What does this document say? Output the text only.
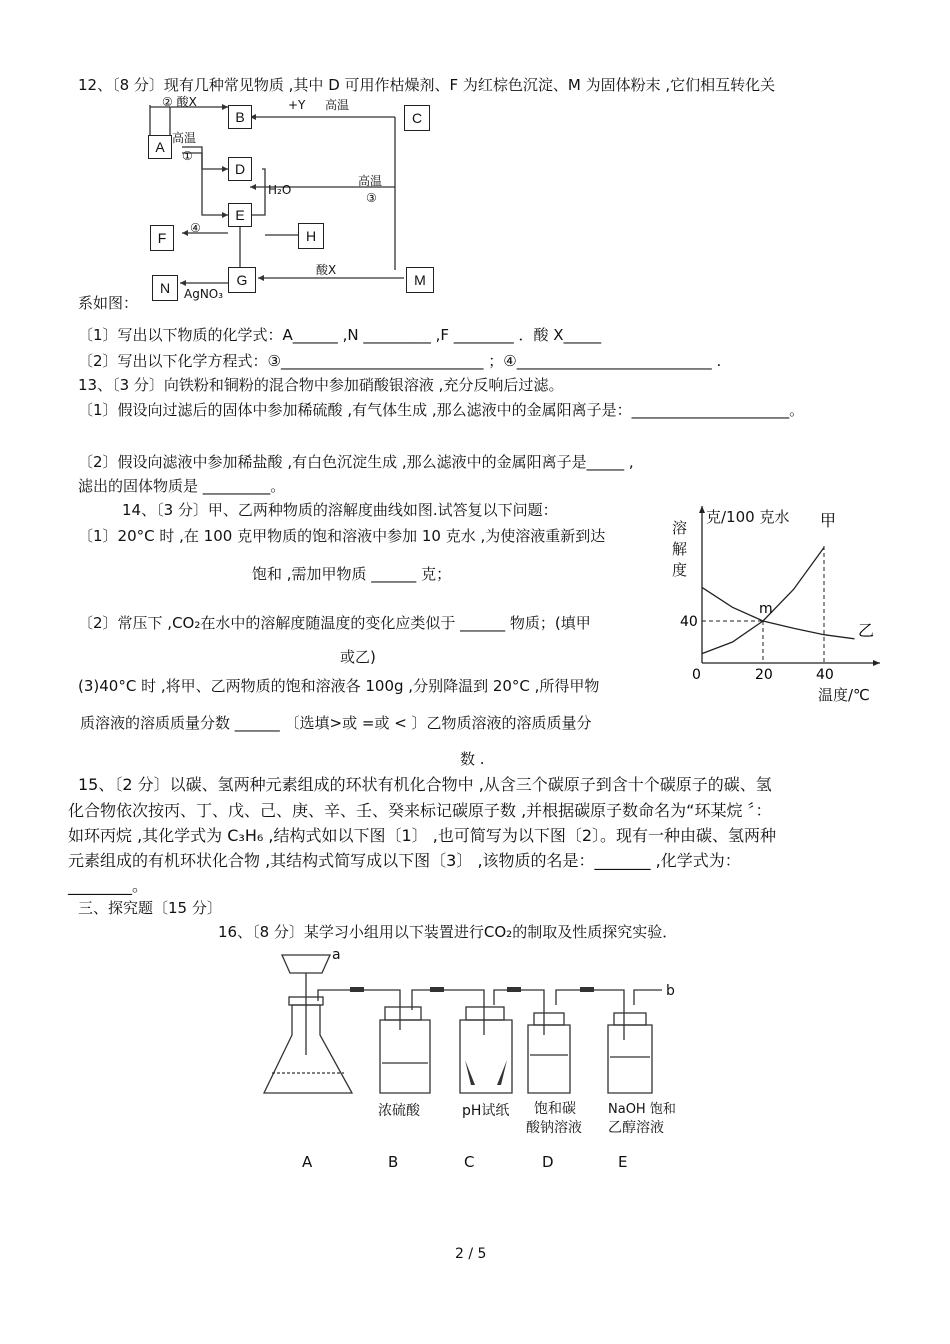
12、〔8 分〕现有几种常见物质 ,其中 D 可用作枯燥剂、F 为红棕色沉淀、M 为固体粉末 ,它们相互转化关
A
B	C
D
E
F
G
H
M
N
② 酸X	+Y 高温
高温
①
H₂O
高温
③
④
酸X
AgNO₃
系如图：
〔1〕写出以下物质的化学式：A______ ,N _________ ,F ________ ．酸 X_____
〔2〕写出以下化学方程式：③___________________________ ；④__________________________ .
13、〔3 分〕向铁粉和铜粉的混合物中参加硝酸银溶液 ,充分反响后过滤。
〔1〕假设向过滤后的固体中参加稀硫酸 ,有气体生成 ,那么滤液中的金属阳离子是：_____________________。
〔2〕假设向滤液中参加稀盐酸 ,有白色沉淀生成 ,那么滤液中的金属阳离子是_____ ,
滤出的固体物质是 _________。
14、〔3 分〕甲、乙两种物质的溶解度曲线如图.试答复以下问题：
〔1〕20°C 时 ,在 100 克甲物质的饱和溶液中参加 10 克水 ,为使溶液重新到达
饱和 ,需加甲物质 ______ 克；
〔2〕常压下 ,CO₂在水中的溶解度随温度的变化应类似于 ______ 物质；(填甲
或乙)
(3)40°C 时 ,将甲、乙两物质的饱和溶液各 100g ,分别降温到 20°C ,所得甲物
质溶液的溶质质量分数 ______ 〔选填>或 =或 < 〕乙物质溶液的溶质质量分
数 .
甲
乙
0	20	40
40
m
克/100 克水
溶解度
温度/℃
15、〔2 分〕以碳、氢两种元素组成的环状有机化合物中 ,从含三个碳原子到含十个碳原子的碳、氢
化合物依次按丙、丁、戊、己、庚、辛、壬、癸来标记碳原子数 ,并根据碳原子数命名为“环某烷 〞：
如环丙烷 ,其化学式为 C₃H₆ ,结构式如以下图〔1〕 ,也可简写为以下图〔2〕。现有一种由碳、氢两种
元素组成的有机环状化合物 ,其结构式简写成以下图〔3〕 ,该物质的名是：_______ ,化学式为：
________。
三、探究题〔15 分〕
16、〔8 分〕某学习小组用以下装置进行CO₂的制取及性质探究实验．
a
b
浓硫酸	pH试纸 饱和碳
酸钠溶液
NaOH 饱和
乙醇溶液
A	B	C	D	E
2 / 5
